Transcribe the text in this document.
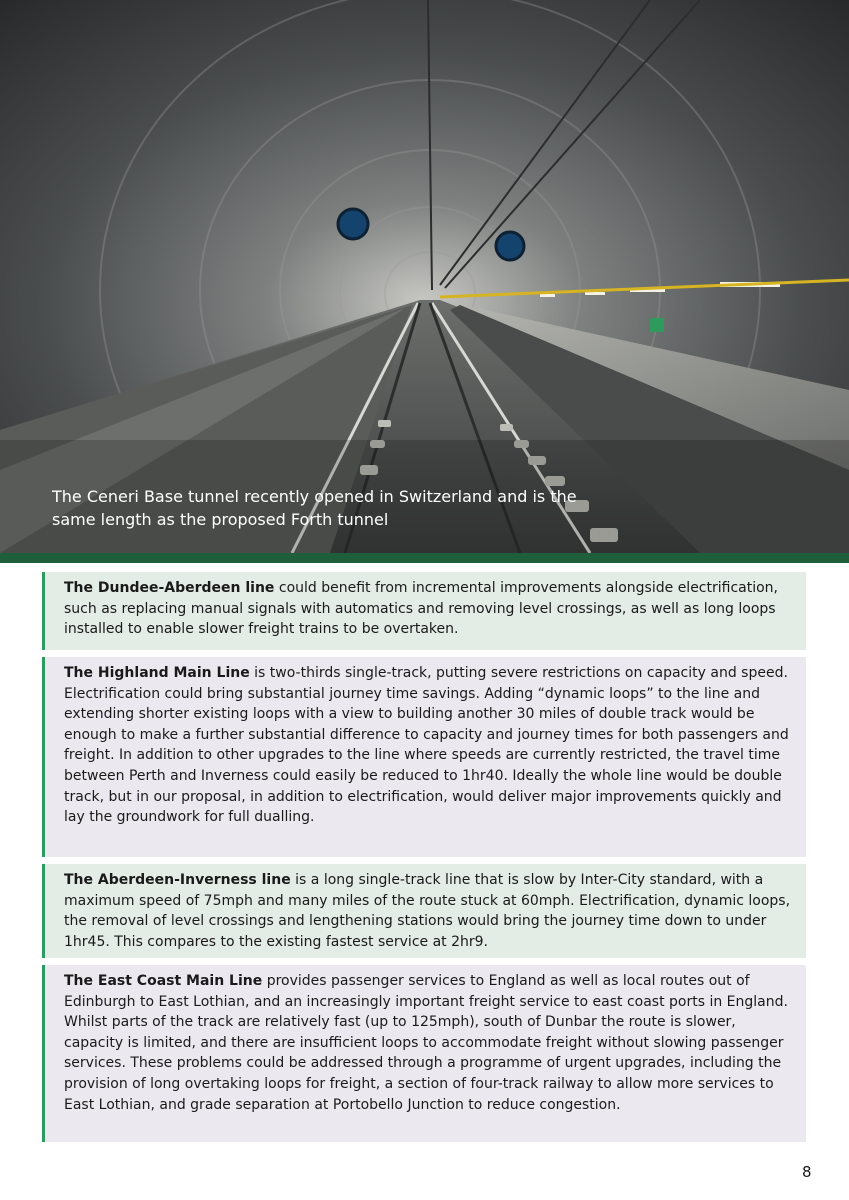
The Ceneri Base tunnel recently opened in Switzerland and is the same length as the proposed Forth tunnel
The Dundee-Aberdeen line could benefit from incremental improvements alongside electrification, such as replacing manual signals with automatics and removing level crossings, as well as long loops installed to enable slower freight trains to be overtaken.
The Highland Main Line is two-thirds single-track, putting severe restrictions on capacity and speed. Electrification could bring substantial journey time savings. Adding “dynamic loops” to the line and extending shorter existing loops with a view to building another 30 miles of double track would be enough to make a further substantial difference to capacity and journey times for both passengers and freight. In addition to other upgrades to the line where speeds are currently restricted, the travel time between Perth and Inverness could easily be reduced to 1hr40. Ideally the whole line would be double track, but in our proposal, in addition to electrification, would deliver major improvements quickly and lay the groundwork for full dualling.
The Aberdeen-Inverness line is a long single-track line that is slow by Inter-City standard, with a maximum speed of 75mph and many miles of the route stuck at 60mph. Electrification, dynamic loops, the removal of level crossings and lengthening stations would bring the journey time down to under 1hr45. This compares to the existing fastest service at 2hr9.
The East Coast Main Line provides passenger services to England as well as local routes out of Edinburgh to East Lothian, and an increasingly important freight service to east coast ports in England. Whilst parts of the track are relatively fast (up to 125mph), south of Dunbar the route is slower, capacity is limited, and there are insufficient loops to accommodate freight without slowing passenger services. These problems could be addressed through a programme of urgent upgrades, including the provision of long overtaking loops for freight, a section of four-track railway to allow more services to East Lothian, and grade separation at Portobello Junction to reduce congestion.
8
